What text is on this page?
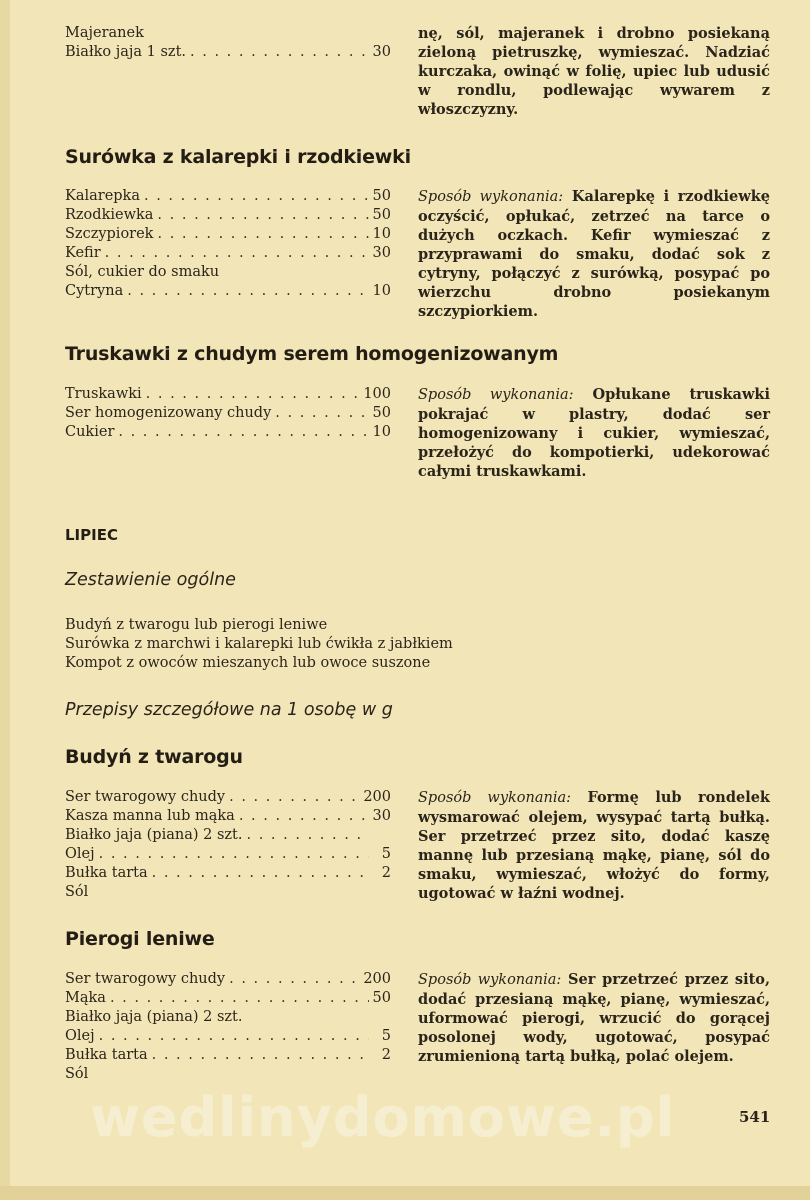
Majeranek
Białko jaja 1 szt. . . .	30
nę, sól, majeranek i drobno posiekaną zieloną pietruszkę, wymieszać. Nadziać kurczaka, owinąć w folię, upiec lub udusić w rondlu, podlewając wywarem z włoszczyzny.
Surówka z kalarepki i rzodkiewki
Kalarepka . . .	50
Rzodkiewka . . .	50
Szczypiorek . . .	10
Kefir . . .	30
Sól, cukier do smaku
Cytryna . . .	10
Sposób wykonania: Kalarepkę i rzodkiewkę oczyścić, opłukać, zetrzeć na tarce o dużych oczkach. Kefir wymieszać z przyprawami do smaku, dodać sok z cytryny, połączyć z surówką, posypać po wierzchu drobno posiekanym szczypiorkiem.
Truskawki z chudym serem homogenizowanym
Truskawki . . .	100
Ser homogenizowany chudy . . .	50
Cukier . . .	10
Sposób wykonania: Opłukane truskawki pokrajać w plastry, dodać ser homogenizowany i cukier, wymieszać, przełożyć do kompotierki, udekorować całymi truskawkami.
LIPIEC
Zestawienie ogólne
Budyń z twarogu lub pierogi leniwe
Surówka z marchwi i kalarepki lub ćwikła z jabłkiem
Kompot z owoców mieszanych lub owoce suszone
Przepisy szczegółowe na 1 osobę w g
Budyń z twarogu
Ser twarogowy chudy . . .	200
Kasza manna lub mąka . . .	30
Białko jaja (piana) 2 szt.
. . .
Olej . . .	5
Bułka tarta . . .	2
Sól
Sposób wykonania: Formę lub rondelek wysmarować olejem, wysypać tartą bułką. Ser przetrzeć przez sito, dodać kaszę mannę lub przesianą mąkę, pianę, sól do smaku, wymieszać, włożyć do formy, ugotować w łaźni wodnej.
Pierogi leniwe
Ser twarogowy chudy . . .	200
Mąka . . .	50
Białko jaja (piana) 2 szt.
Olej . . .	5
Bułka tarta . . .	2
Sól
Sposób wykonania: Ser przetrzeć przez sito, dodać przesianą mąkę, pianę, wymieszać, uformować pierogi, wrzucić do gorącej posolonej wody, ugotować, posypać zrumienioną tartą bułką, polać olejem.
wedlinydomowe.pl	541
